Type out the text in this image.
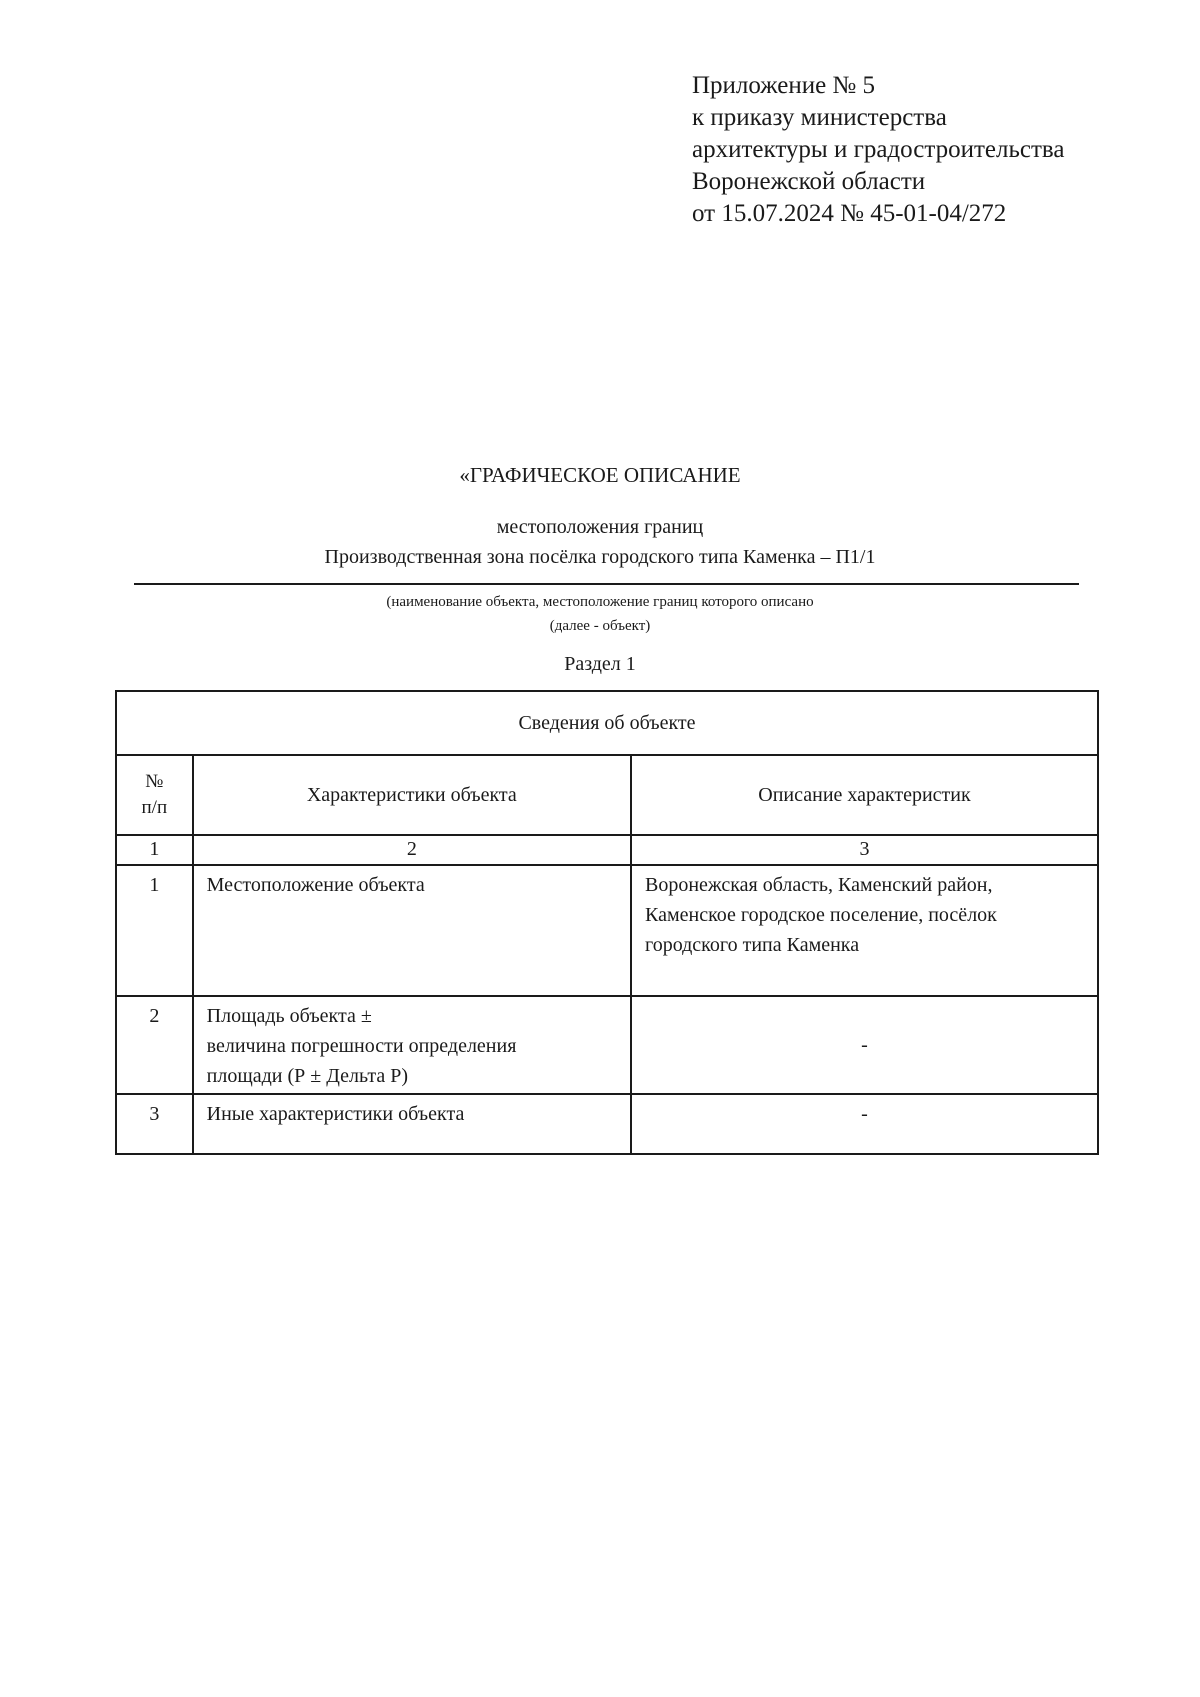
Приложение № 5
к приказу министерства
архитектуры и градостроительства
Воронежской области
от 15.07.2024 № 45-01-04/272
«ГРАФИЧЕСКОЕ ОПИСАНИЕ
местоположения границ
Производственная зона посёлка городского типа Каменка – П1/1
(наименование объекта, местоположение границ которого описано
(далее - объект)
Раздел 1
Сведения об объекте		

№
п/п	Характеристики объекта	Описание характеристик
1	2	3
1	Местоположение объекта	Воронежская область, Каменский район, Каменское городское поселение, посёлок городского типа Каменка
2	Площадь объекта ±
величина погрешности определения
площади (Р ± Дельта Р)	-
3	Иные характеристики объекта	-
